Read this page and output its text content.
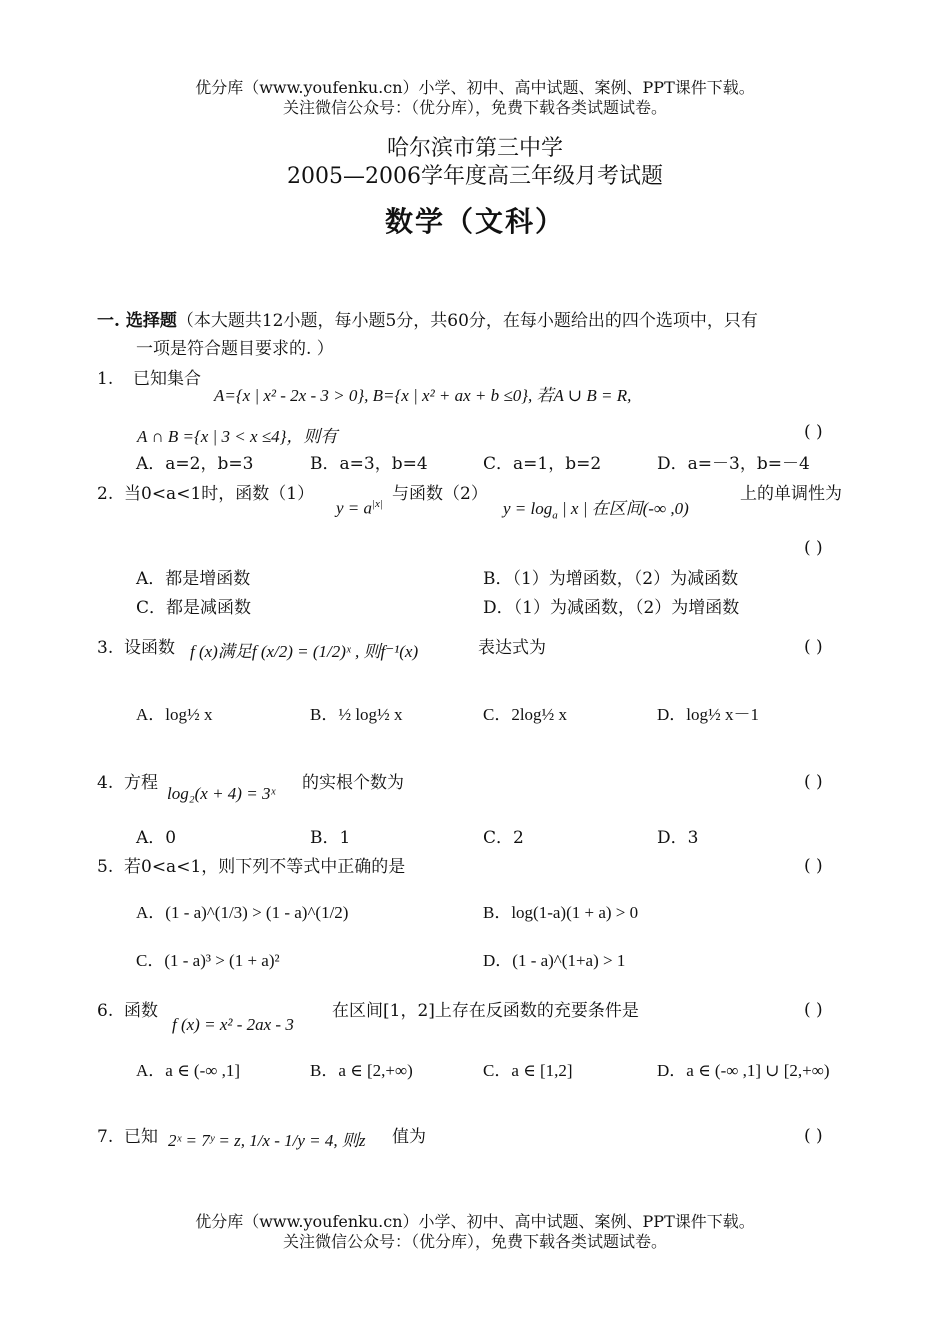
优分库（www.youfenku.cn）小学、初中、高中试题、案例、PPT课件下载。
关注微信公众号：（优分库），免费下载各类试题试卷。
哈尔滨市第三中学
2005—2006学年度高三年级月考试题
数学（文科）
一. 选择题（本大题共12小题，每小题5分，共60分，在每小题给出的四个选项中，只有
一项是符合题目要求的. ）
1. 已知集合
A={x | x² - 2x - 3 > 0}, B={x | x² + ax + b ≤0}, 若A ∪ B = R,
A ∩ B ={x | 3 < x ≤4}，则有	( )
A．a=2，b=3	B．a=3，b=4	C．a=1，b=2	D．a=－3，b=－4
2. 当0<a<1时，函数（1）
$y = a^{|x|}$ 与函数（2）
$y = \log_a$ | x | 在区间(-∞ ,0)
上的单调性为
( )
A．都是增函数	B．（1）为增函数，（2）为减函数
C．都是减函数	D．（1）为减函数，（2）为增函数
3. 设函数 f (x)满足f (x/2) = (1/2)ˣ , 则f⁻¹(x)	表达式为	( )
A．log½ x	B．½ log½ x	C．2log½ x	D．log½ x－1
4. 方程
log₂(x + 4) = 3ˣ
的实根个数为	( )
A．0	B．1	C．2	D．3
5. 若0<a<1，则下列不等式中正确的是	( )
A．(1 - a)^(1/3) > (1 - a)^(1/2)	B．log(1-a)(1 + a) > 0
C．(1 - a)³ > (1 + a)²	D．(1 - a)^(1+a) > 1
6. 函数
f (x) = x² - 2ax - 3
在区间[1，2]上存在反函数的充要条件是	( )
A．a ∈ (-∞ ,1]	B．a ∈ [2,+∞)	C．a ∈ [1,2]	D．a ∈ (-∞ ,1] ∪ [2,+∞)
7. 已知 2ˣ = 7ʸ = z, 1/x - 1/y = 4, 则z 值为	( )
优分库（www.youfenku.cn）小学、初中、高中试题、案例、PPT课件下载。
关注微信公众号：（优分库），免费下载各类试题试卷。
